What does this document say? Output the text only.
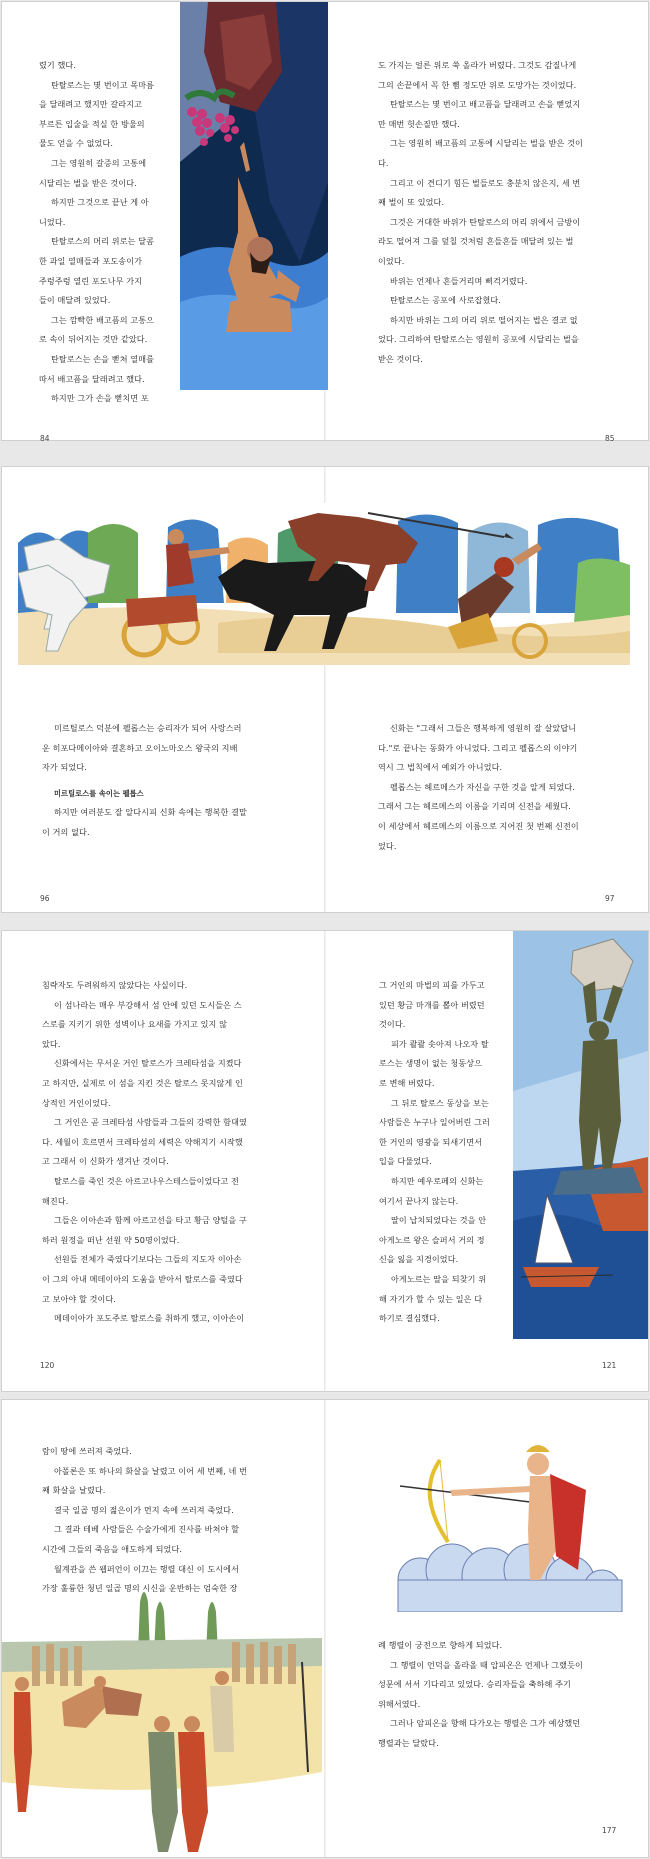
렸기 했다.

탄탈로스는 몇 번이고 목마름

을 달래려고 했지만 갈라지고

부르튼 입술을 적실 한 방울의

물도 얻을 수 없었다.

그는 영원히 갈증의 고통에

시달리는 벌을 받은 것이다.

하지만 그것으로 끝난 게 아

니었다.

탄탈로스의 머리 위로는 달콤

한 과일 열매들과 포도송이가

주렁주렁 열린 포도나무 가지

들이 매달려 있었다.

그는 깜빡한 배고픔의 고통으

로 속이 뒤어지는 것만 같았다.

탄탈로스는 손을 뻗쳐 열매를

따서 배고픔을 달래려고 했다.

하지만 그가 손을 뻗치면 포

도 가지는 얼른 위로 쑥 올라가 버렸다. 그것도 감질나게

그의 손끝에서 꼭 한 뼘 정도만 위로 도망가는 것이었다.

탄탈로스는 몇 번이고 배고픔을 달래려고 손을 뻗었지

만 매번 헛손질만 했다.

그는 영원히 배고픔의 고통에 시달리는 벌을 받은 것이

다.

그리고 이 견디기 힘든 벌들로도 충분치 않은지, 세 번

째 벌이 또 있었다.

그것은 거대한 바위가 탄탈로스의 머리 위에서 금방이

라도 떨어져 그를 덮칠 것처럼 흔들흔들 매달려 있는 벌

이었다.

바위는 언제나 흔들거리며 삐걱거렸다.

탄탈로스는 공포에 사로잡혔다.

하지만 바위는 그의 머리 위로 떨어지는 법은 결코 없

었다. 그리하여 탄탈로스는 영원히 공포에 시달리는 벌을

받은 것이다.

84	85

미르틸로스 덕분에 펠롭스는 승리자가 되어 사랑스러

운 히포다메이아와 결혼하고 오이노마오스 왕국의 지배

자가 되었다.

미르틸로스를 속이는 펠롭스

하지만 여러분도 잘 알다시피 신화 속에는 행복한 결말

이 거의 없다.

신화는 "그래서 그들은 행복하게 영원히 잘 살았답니

다."로 끝나는 동화가 아니었다. 그리고 펠롭스의 이야기

역시 그 법칙에서 예외가 아니었다.

펠롭스는 헤르메스가 자신을 구한 것을 알게 되었다.

그래서 그는 헤르메스의 이름을 기리며 신전을 세웠다.

이 세상에서 헤르메스의 이름으로 지어진 첫 번째 신전이

었다.

96	97

침략자도 두려워하지 않았다는 사실이다.

이 섬나라는 매우 부강해서 섬 안에 있던 도시들은 스

스로를 지키기 위한 성벽이나 요새를 가지고 있지 않

았다.

신화에서는 무서운 거인 탈로스가 크레타섬을 지켰다

고 하지만, 실제로 이 섬을 지킨 것은 탈로스 못지않게 인

상적인 거인이었다.

그 거인은 곧 크레타섬 사람들과 그들의 강력한 함대였

다. 세월이 흐르면서 크레타섬의 세력은 약해지기 시작했

고 그래서 이 신화가 생겨난 것이다.

탈로스를 죽인 것은 아르고나우스테스들이었다고 전

해진다.

그들은 이아손과 함께 아르고선을 타고 황금 양털을 구

하러 원정을 떠난 선원 약 50명이었다.

선원들 전체가 죽였다기보다는 그들의 지도자 이아손

이 그의 아내 메데이아의 도움을 받아서 탈로스를 죽였다

고 보아야 할 것이다.

메데이아가 포도주로 탈로스를 취하게 했고, 이아손이

그 거인의 마법의 피를 가두고

있던 황금 마개를 뽑아 버렸던

것이다.

피가 콸콸 솟아져 나오자 탈

로스는 생명이 없는 청동상으

로 변해 버렸다.

그 뒤로 탈로스 동상을 보는

사람들은 누구나 일어버린 그러

한 거인의 영광을 되새기면서

입을 다물었다.

하지만 예우로페의 신화는

여기서 끝나지 않는다.

딸이 납치되었다는 것을 안

아게노르 왕은 슬퍼서 거의 정

신을 잃을 지경이었다.

아게노르는 딸을 되찾기 위

해 자기가 할 수 있는 일은 다

하기로 결심했다.

120	121

람이 땅에 쓰러져 죽었다.

아폴론은 또 하나의 화살을 날렸고 이어 세 번째, 네 번

째 화살을 날렸다.

결국 일곱 명의 젊은이가 먼지 속에 쓰러져 죽었다.

그 결과 테베 사람들은 수술가에게 진사를 바쳐야 할

시간에 그들의 죽음을 애도하게 되었다.

월계관을 쓴 웹퍼언이 이끄는 행렬 대신 이 도시에서

가장 훌륭한 청년 일곱 명의 시신을 운반하는 엄숙한 장

례 행렬이 궁전으로 향하게 되었다.

그 행렬이 언덕을 올라올 때 압피온은 언제나 그랬듯이

성문에 서서 기다리고 있었다. 승리자들을 축하해 주기

위해서였다.

그러나 암피온을 향해 다가오는 행렬은 그가 예상했던

행렬과는 달랐다.

177
